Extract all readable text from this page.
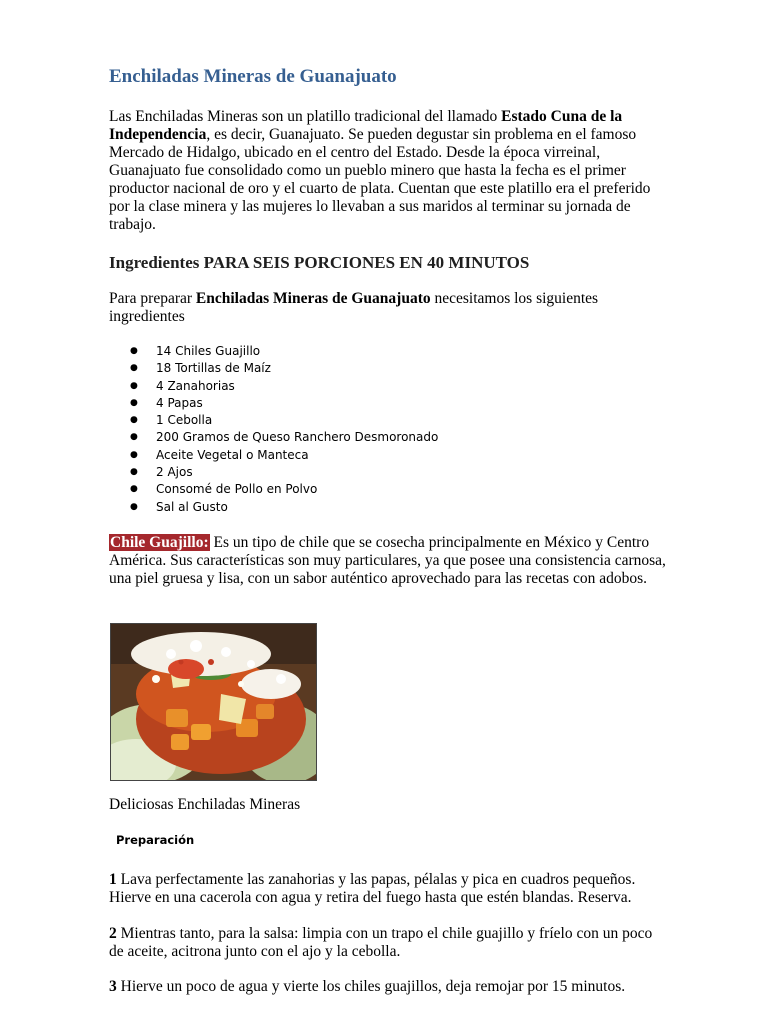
Enchiladas Mineras de Guanajuato

Las Enchiladas Mineras son un platillo tradicional del llamado Estado Cuna de la Independencia, es decir, Guanajuato. Se pueden degustar sin problema en el famoso Mercado de Hidalgo, ubicado en el centro del Estado. Desde la época virreinal, Guanajuato fue consolidado como un pueblo minero que hasta la fecha es el primer productor nacional de oro y el cuarto de plata. Cuentan que este platillo era el preferido por la clase minera y las mujeres lo llevaban a sus maridos al terminar su jornada de trabajo.

Ingredientes PARA SEIS PORCIONES EN 40 MINUTOS

Para preparar Enchiladas Mineras de Guanajuato necesitamos los siguientes ingredientes

● 14 Chiles Guajillo
● 18 Tortillas de Maíz
● 4 Zanahorias
● 4 Papas
● 1 Cebolla
● 200 Gramos de Queso Ranchero Desmoronado
● Aceite Vegetal o Manteca
● 2 Ajos
● Consomé de Pollo en Polvo
● Sal al Gusto

Chile Guajillo: Es un tipo de chile que se cosecha principalmente en México y Centro América. Sus características son muy particulares, ya que posee una consistencia carnosa, una piel gruesa y lisa, con un sabor auténtico aprovechado para las recetas con adobos.

Deliciosas Enchiladas Mineras

Preparación

1 Lava perfectamente las zanahorias y las papas, pélalas y pica en cuadros pequeños. Hierve en una cacerola con agua y retira del fuego hasta que estén blandas. Reserva.

2 Mientras tanto, para la salsa: limpia con un trapo el chile guajillo y fríelo con un poco de aceite, acitrona junto con el ajo y la cebolla.

3 Hierve un poco de agua y vierte los chiles guajillos, deja remojar por 15 minutos.
